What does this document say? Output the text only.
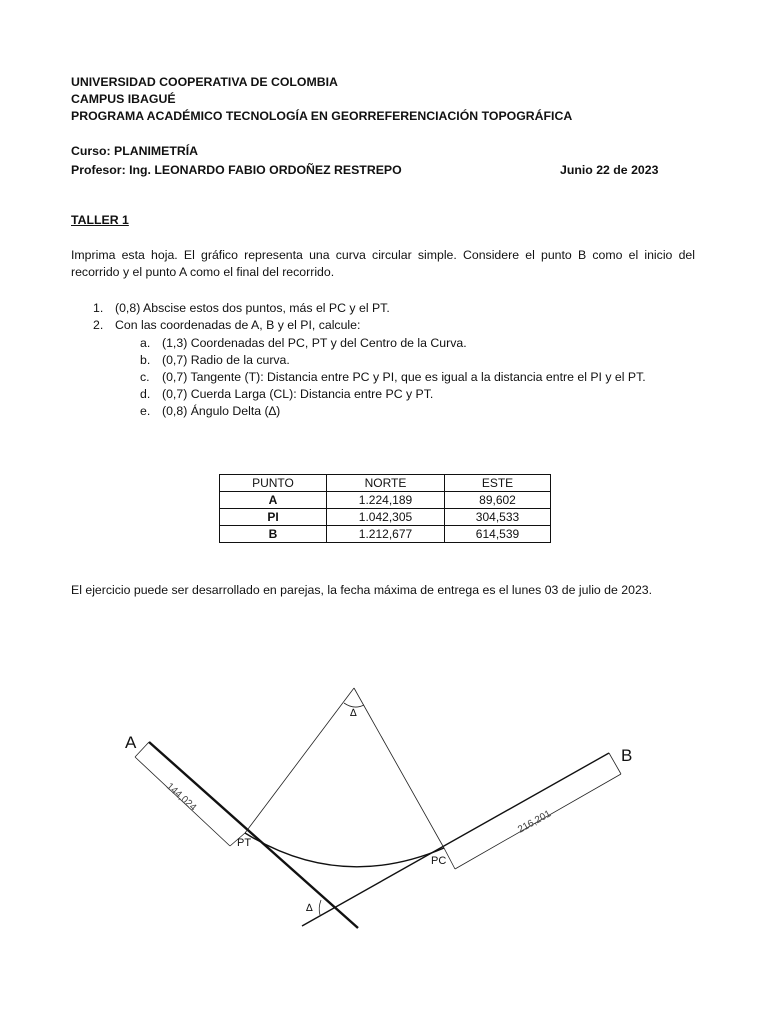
UNIVERSIDAD COOPERATIVA DE COLOMBIA
CAMPUS IBAGUÉ
PROGRAMA ACADÉMICO TECNOLOGÍA EN GEORREFERENCIACIÓN TOPOGRÁFICA
Curso: PLANIMETRÍA
Profesor: Ing. LEONARDO FABIO ORDOÑEZ RESTREPO	Junio 22 de 2023
TALLER 1

Imprima esta hoja. El gráfico representa una curva circular simple. Considere el punto B como el inicio del recorrido y el punto A como el final del recorrido.

1. (0,8) Abscise estos dos puntos, más el PC y el PT.
2. Con las coordenadas de A, B y el PI, calcule:
a. (1,3) Coordenadas del PC, PT y del Centro de la Curva.
b. (0,7) Radio de la curva.
c. (0,7) Tangente (T): Distancia entre PC y PI, que es igual a la distancia entre el PI y el PT.
d. (0,7) Cuerda Larga (CL): Distancia entre PC y PT.
e. (0,8) Ángulo Delta (∆)
PUNTO	NORTE	ESTE
A	1.224,189	89,602
PI	1.042,305	304,533
B	1.212,677	614,539
El ejercicio puede ser desarrollado en parejas, la fecha máxima de entrega es el lunes 03 de julio de 2023.
A
B
PT
PC
∆
∆
144,024
216,201
